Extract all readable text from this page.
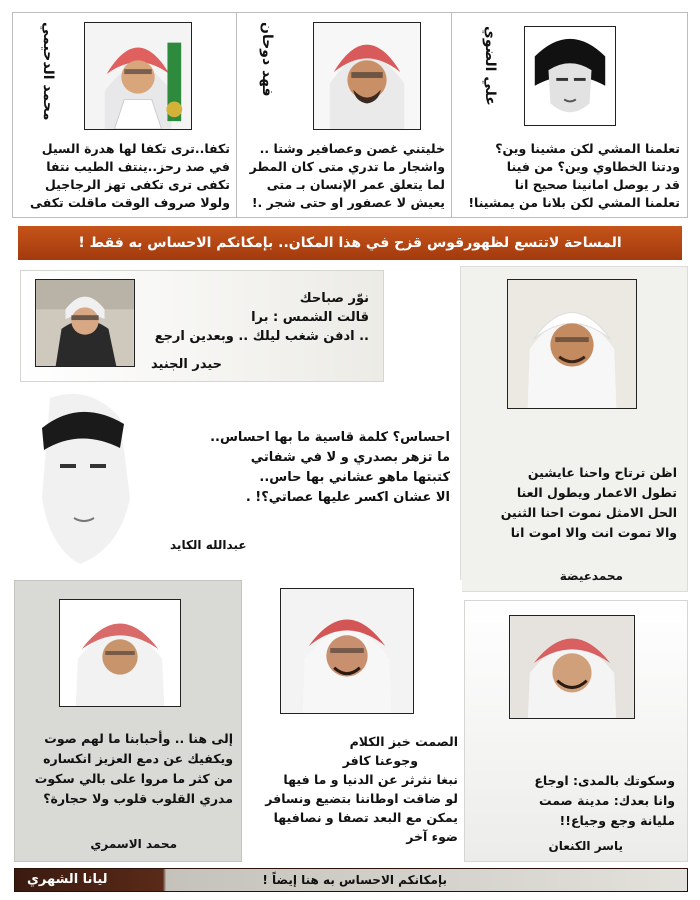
محمد الدحيمي
تكفا..ترى تكفا لها هدرة السيل
في صد رحز..ينتف الطيب نتفا
تكفى ترى تكفى تهز الرجاجيل
ولولا صروف الوقت ماقلت تكفى
فهد دوحان
خليتني غصن وعصافير وشتا ..
واشجار ما تدري متى كان المطر
لما يتعلق عمر الإنسان بـ متى
يعيش لا عصفور او حتى شجر .!
علي الضوي
تعلمنا المشي لكن مشينا وين؟
ودتنا الخطاوي وين؟ من فينا
قد ر يوصل امانينا صحيح انا
تعلمنا المشي لكن بلانا من يمشينا!
المساحة لاتتسع لظهورقوس قزح في هذا المكان.. بإمكانكم الاحساس به فقط !
نوّر صباحك
قالت الشمس : برا
.. ادفن شغب ليلك .. وبعدين ارجع
حيدر الجنيد
اظن ترتاح واحنا عايشين
تطول الاعمار ويطول العنا
الحل الامثل نموت احنا الثنين
والا تموت انت والا اموت انا
محمدعيضة
احساس؟ كلمة قاسية ما بها احساس..
ما تزهر بصدري و لا في شفاتي
كتبتها ماهو عشاني بها حاس..
الا عشان اكسر عليها عصاتي؟! .
عبدالله الكايد
إلى هنا .. وأحبابنا ما لهم صوت
ويكفيك عن دمع العزيز انكساره
من كثر ما مروا على بالي سكوت
مدري القلوب قلوب ولا حجارة؟
محمد الاسمري
الصمت خبز الكلام
وجوعنا كافر
نبغا نثرثر عن الدنيا و ما فيها
لو ضاقت اوطاننا بتضيع ونسافر
يمكن مع البعد تصفا و نصافيها
ضوء آخر
وسكوتك بالمدى: اوجاع
وانا بعدك: مدينة صمت
مليانة وجع وجياع!!
ياسر الكنعان
ليانا الشهري	بإمكانكم الاحساس به هنا إيضاً !
